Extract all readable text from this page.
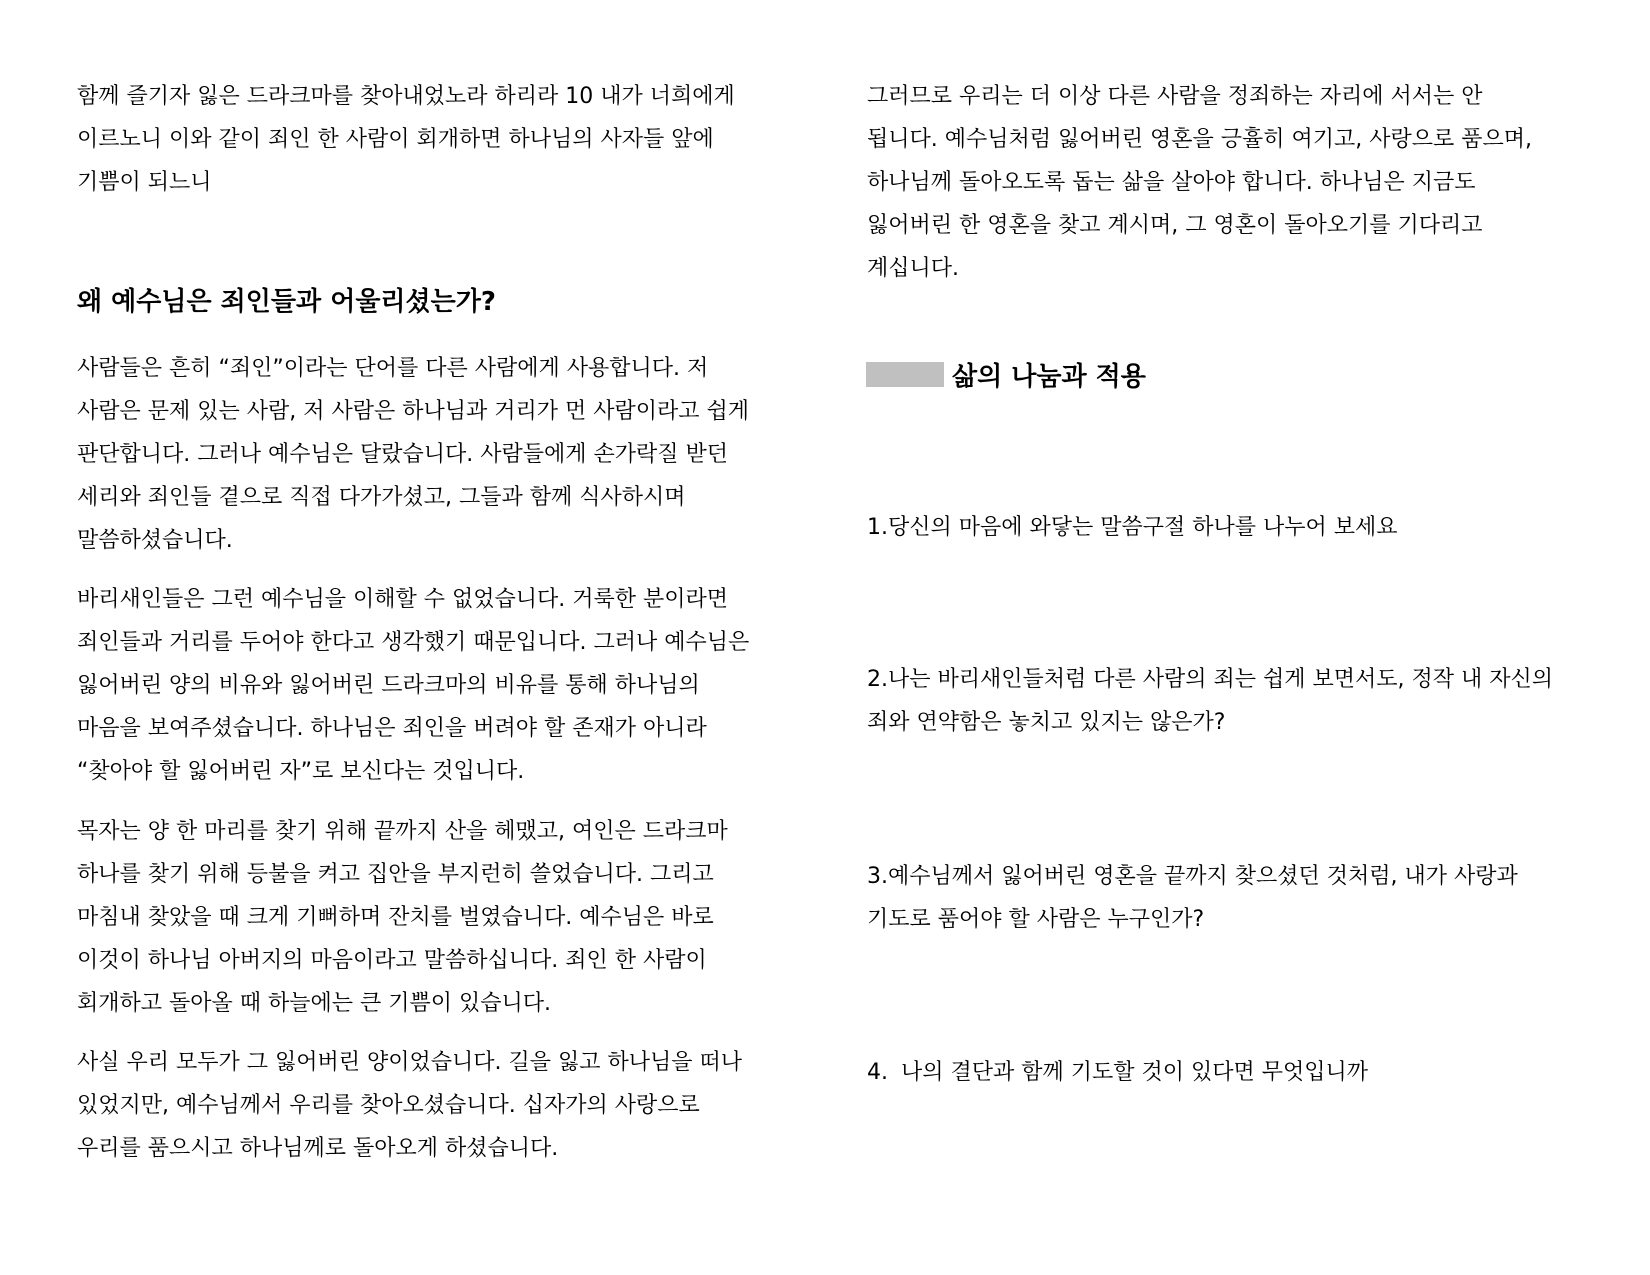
함께 즐기자 잃은 드라크마를 찾아내었노라 하리라 10 내가 너희에게
이르노니 이와 같이 죄인 한 사람이 회개하면 하나님의 사자들 앞에
기쁨이 되느니
왜 예수님은 죄인들과 어울리셨는가?
사람들은 흔히 “죄인”이라는 단어를 다른 사람에게 사용합니다. 저
사람은 문제 있는 사람, 저 사람은 하나님과 거리가 먼 사람이라고 쉽게
판단합니다. 그러나 예수님은 달랐습니다. 사람들에게 손가락질 받던
세리와 죄인들 곁으로 직접 다가가셨고, 그들과 함께 식사하시며
말씀하셨습니다.
바리새인들은 그런 예수님을 이해할 수 없었습니다. 거룩한 분이라면
죄인들과 거리를 두어야 한다고 생각했기 때문입니다. 그러나 예수님은
잃어버린 양의 비유와 잃어버린 드라크마의 비유를 통해 하나님의
마음을 보여주셨습니다. 하나님은 죄인을 버려야 할 존재가 아니라
“찾아야 할 잃어버린 자”로 보신다는 것입니다.
목자는 양 한 마리를 찾기 위해 끝까지 산을 헤맸고, 여인은 드라크마
하나를 찾기 위해 등불을 켜고 집안을 부지런히 쓸었습니다. 그리고
마침내 찾았을 때 크게 기뻐하며 잔치를 벌였습니다. 예수님은 바로
이것이 하나님 아버지의 마음이라고 말씀하십니다. 죄인 한 사람이
회개하고 돌아올 때 하늘에는 큰 기쁨이 있습니다.
사실 우리 모두가 그 잃어버린 양이었습니다. 길을 잃고 하나님을 떠나
있었지만, 예수님께서 우리를 찾아오셨습니다. 십자가의 사랑으로
우리를 품으시고 하나님께로 돌아오게 하셨습니다.
그러므로 우리는 더 이상 다른 사람을 정죄하는 자리에 서서는 안
됩니다. 예수님처럼 잃어버린 영혼을 긍휼히 여기고, 사랑으로 품으며,
하나님께 돌아오도록 돕는 삶을 살아야 합니다. 하나님은 지금도
잃어버린 한 영혼을 찾고 계시며, 그 영혼이 돌아오기를 기다리고
계십니다.
삶의 나눔과 적용
1.당신의 마음에 와닿는 말씀구절 하나를 나누어 보세요
2.나는 바리새인들처럼 다른 사람의 죄는 쉽게 보면서도, 정작 내 자신의
죄와 연약함은 놓치고 있지는 않은가?
3.예수님께서 잃어버린 영혼을 끝까지 찾으셨던 것처럼, 내가 사랑과
기도로 품어야 할 사람은 누구인가?
4. 나의 결단과 함께 기도할 것이 있다면 무엇입니까
